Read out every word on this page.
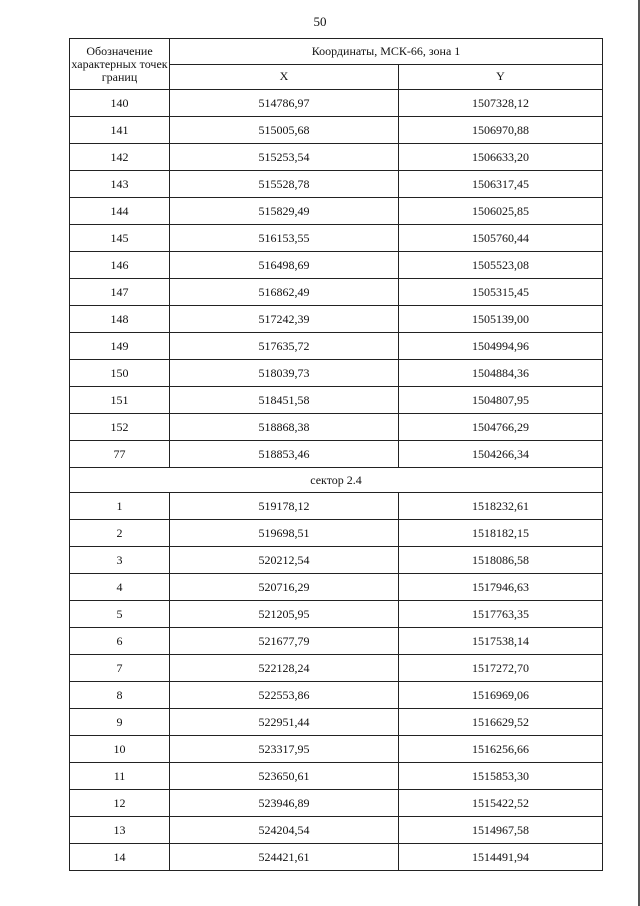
50
Обозначение характерных точек границ	Координаты, МСК-66, зона 1	
	X	Y
140	514786,97	1507328,12
141	515005,68	1506970,88
142	515253,54	1506633,20
143	515528,78	1506317,45
144	515829,49	1506025,85
145	516153,55	1505760,44
146	516498,69	1505523,08
147	516862,49	1505315,45
148	517242,39	1505139,00
149	517635,72	1504994,96
150	518039,73	1504884,36
151	518451,58	1504807,95
152	518868,38	1504766,29
77	518853,46	1504266,34
сектор 2.4		
1	519178,12	1518232,61
2	519698,51	1518182,15
3	520212,54	1518086,58
4	520716,29	1517946,63
5	521205,95	1517763,35
6	521677,79	1517538,14
7	522128,24	1517272,70
8	522553,86	1516969,06
9	522951,44	1516629,52
10	523317,95	1516256,66
11	523650,61	1515853,30
12	523946,89	1515422,52
13	524204,54	1514967,58
14	524421,61	1514491,94
